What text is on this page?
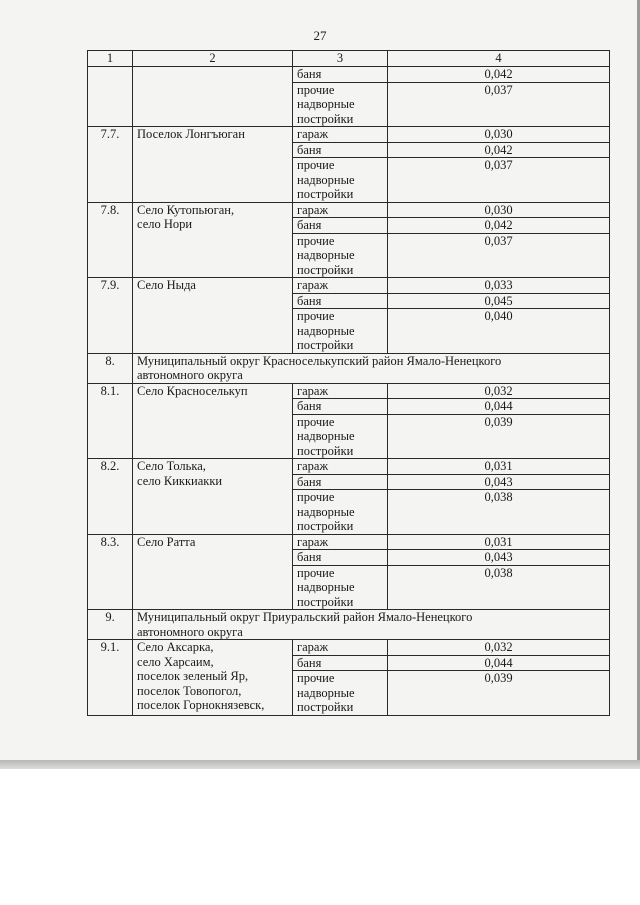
27
1	2	3	4
		баня	0,042
		прочие
надворные
постройки	0,037
7.7.	Поселок Лонгъюган	гараж	0,030
		баня	0,042
		прочие
надворные
постройки	0,037
7.8.	Село Кутопьюган,
село Нори	гараж	0,030
		баня	0,042
		прочие
надворные
постройки	0,037
7.9.	Село Ныда	гараж	0,033
		баня	0,045
		прочие
надворные
постройки	0,040
8.	Муниципальный округ Красноселькупский район Ямало-Ненецкого
автономного округа		
8.1.	Село Красноселькуп	гараж	0,032
		баня	0,044
		прочие
надворные
постройки	0,039
8.2.	Село Толька,
село Киккиакки	гараж	0,031
		баня	0,043
		прочие
надворные
постройки	0,038
8.3.	Село Ратта	гараж	0,031
		баня	0,043
		прочие
надворные
постройки	0,038
9.	Муниципальный округ Приуральский район Ямало-Ненецкого
автономного округа		
9.1.	Село Аксарка,
село Харсаим,
поселок зеленый Яр,
поселок Товопогол,
поселок Горнокнязевск,	гараж	0,032
		баня	0,044
		прочие
надворные
постройки	0,039
